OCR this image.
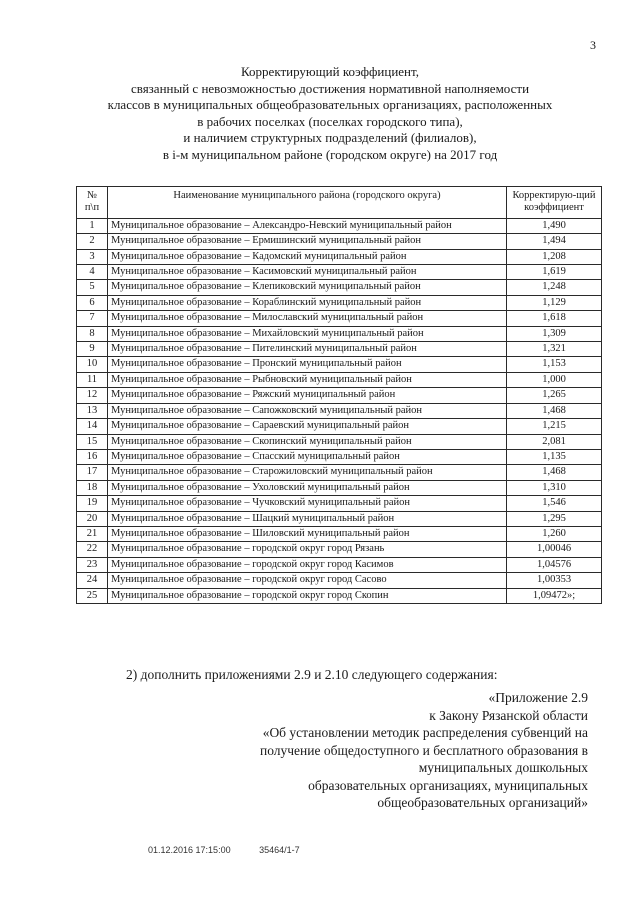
3
Корректирующий коэффициент,
связанный с невозможностью достижения нормативной наполняемости
классов в муниципальных общеобразовательных организациях, расположенных
в рабочих поселках (поселках городского типа),
и наличием структурных подразделений (филиалов),
в i-м муниципальном районе (городском округе) на 2017 год
№ п\п	Наименование муниципального района (городского округа)	Корректирую-щий коэффициент
1	Муниципальное образование – Александро-Невский муниципальный район	1,490
2	Муниципальное образование – Ермишинский муниципальный район	1,494
3	Муниципальное образование – Кадомский муниципальный район	1,208
4	Муниципальное образование – Касимовский муниципальный район	1,619
5	Муниципальное образование – Клепиковский муниципальный район	1,248
6	Муниципальное образование – Кораблинский муниципальный район	1,129
7	Муниципальное образование – Милославский муниципальный район	1,618
8	Муниципальное образование – Михайловский муниципальный район	1,309
9	Муниципальное образование – Пителинский муниципальный район	1,321
10	Муниципальное образование – Пронский муниципальный район	1,153
11	Муниципальное образование – Рыбновский муниципальный район	1,000
12	Муниципальное образование – Ряжский муниципальный район	1,265
13	Муниципальное образование – Сапожковский муниципальный район	1,468
14	Муниципальное образование – Сараевский муниципальный район	1,215
15	Муниципальное образование – Скопинский муниципальный район	2,081
16	Муниципальное образование – Спасский муниципальный район	1,135
17	Муниципальное образование – Старожиловский муниципальный район	1,468
18	Муниципальное образование – Ухоловский муниципальный район	1,310
19	Муниципальное образование – Чучковский муниципальный район	1,546
20	Муниципальное образование – Шацкий муниципальный район	1,295
21	Муниципальное образование – Шиловский муниципальный район	1,260
22	Муниципальное образование – городской округ город Рязань	1,00046
23	Муниципальное образование – городской округ город Касимов	1,04576
24	Муниципальное образование – городской округ город Сасово	1,00353
25	Муниципальное образование – городской округ город Скопин	1,09472»;
2) дополнить приложениями 2.9 и 2.10 следующего содержания:
«Приложение 2.9
к Закону Рязанской области
«Об установлении методик распределения субвенций на
получение общедоступного и бесплатного образования в
муниципальных дошкольных
образовательных организациях, муниципальных
общеобразовательных организаций»
01.12.2016 17:15:00	35464/1-7
